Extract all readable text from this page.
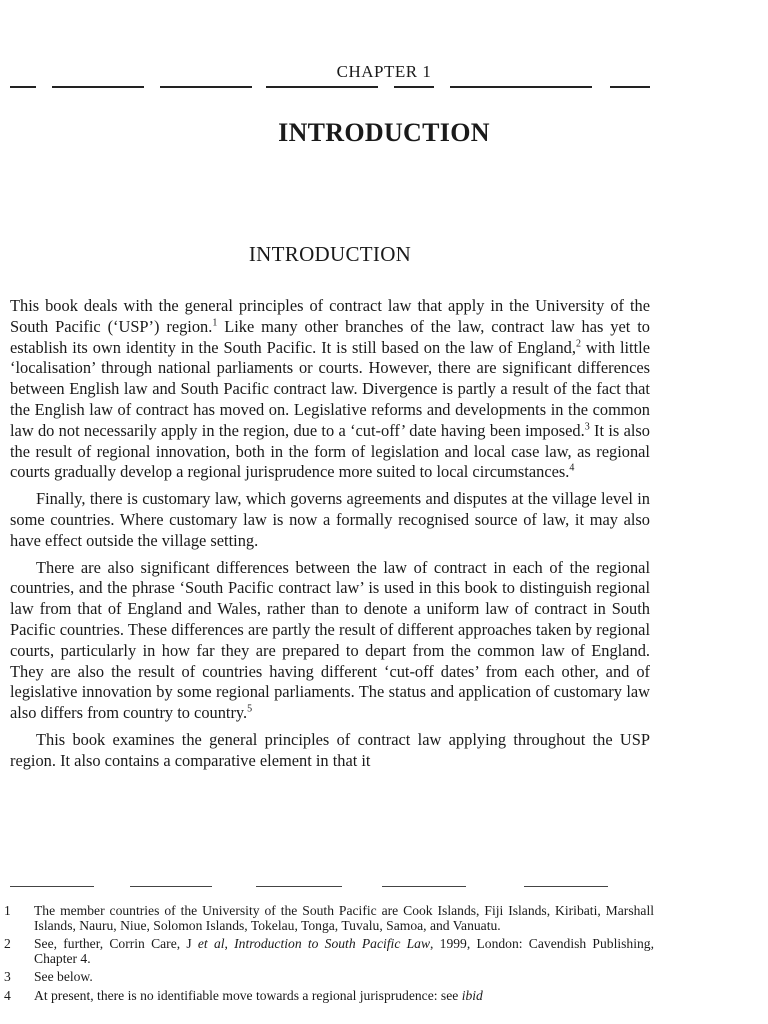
CHAPTER 1
INTRODUCTION
INTRODUCTION

This book deals with the general principles of contract law that apply in the University of the South Pacific (‘USP’) region.$^1$ Like many other branches of the law, contract law has yet to establish its own identity in the South Pacific. It is still based on the law of England,$^2$ with little ‘localisation’ through national parliaments or courts. However, there are significant differences between English law and South Pacific contract law. Divergence is partly a result of the fact that the English law of contract has moved on. Legislative reforms and developments in the common law do not necessarily apply in the region, due to a ‘cut-off’ date having been imposed.$^3$ It is also the result of regional innovation, both in the form of legislation and local case law, as regional courts gradually develop a regional jurisprudence more suited to local circumstances.$^4$

Finally, there is customary law, which governs agreements and disputes at the village level in some countries. Where customary law is now a formally recognised source of law, it may also have effect outside the village setting.

There are also significant differences between the law of contract in each of the regional countries, and the phrase ‘South Pacific contract law’ is used in this book to distinguish regional law from that of England and Wales, rather than to denote a uniform law of contract in South Pacific countries. These differences are partly the result of different approaches taken by regional courts, particularly in how far they are prepared to depart from the common law of England. They are also the result of countries having different ‘cut-off dates’ from each other, and of legislative innovation by some regional parliaments. The status and application of customary law also differs from country to country.$^5$

This book examines the general principles of contract law applying throughout the USP region. It also contains a comparative element in that it

1	The member countries of the University of the South Pacific are Cook Islands, Fiji Islands, Kiribati, Marshall Islands, Nauru, Niue, Solomon Islands, Tokelau, Tonga, Tuvalu, Samoa, and Vanuatu.
2	See, further, Corrin Care, J et al, Introduction to South Pacific Law, 1999, London: Cavendish Publishing, Chapter 4.
3	See below.
4	At present, there is no identifiable move towards a regional jurisprudence: see ibid
